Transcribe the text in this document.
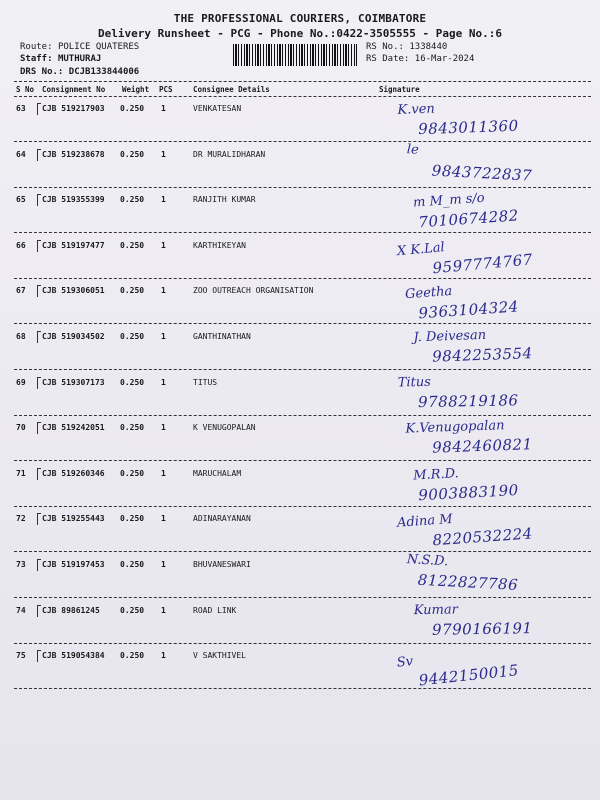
THE PROFESSIONAL COURIERS, COIMBATORE
Delivery Runsheet - PCG - Phone No.:0422-3505555 - Page No.:6
Route: POLICE QUATERES
Staff: MUTHURAJ
DRS No.: DCJB133844006
RS No.: 1338440
RS Date: 16-Mar-2024
S No Consignment No Weight PCS	Consignee Details	Signature
63 CJB 519217903 0.250 1	VENKATESAN	K.ven
9843011360
64 CJB 519238678 0.250 1	DR MURALIDHARAN	le
9843722837
65 CJB 519355399 0.250 1	RANJITH KUMAR	m M_m s/o
7010674282
66 CJB 519197477 0.250 1	KARTHIKEYAN	X K.Lal
9597774767
67 CJB 519306051 0.250 1	ZOO OUTREACH ORGANISATION	Geetha
9363104324
68 CJB 519034502 0.250 1	GANTHINATHAN	J. Deivesan
9842253554
69 CJB 519307173 0.250 1	TITUS	Titus
9788219186
70 CJB 519242051 0.250 1	K VENUGOPALAN	K.Venugopalan
9842460821
71 CJB 519260346 0.250 1	MARUCHALAM	M.R.D.
9003883190
72 CJB 519255443 0.250 1	ADINARAYANAN	Adina M
8220532224
73 CJB 519197453 0.250 1	BHUVANESWARI	N.S.D.
8122827786
74 CJB 89861245	0.250 1	ROAD LINK	Kumar
9790166191
75 CJB 519054384 0.250 1	V SAKTHIVEL	Sv 9442150015
